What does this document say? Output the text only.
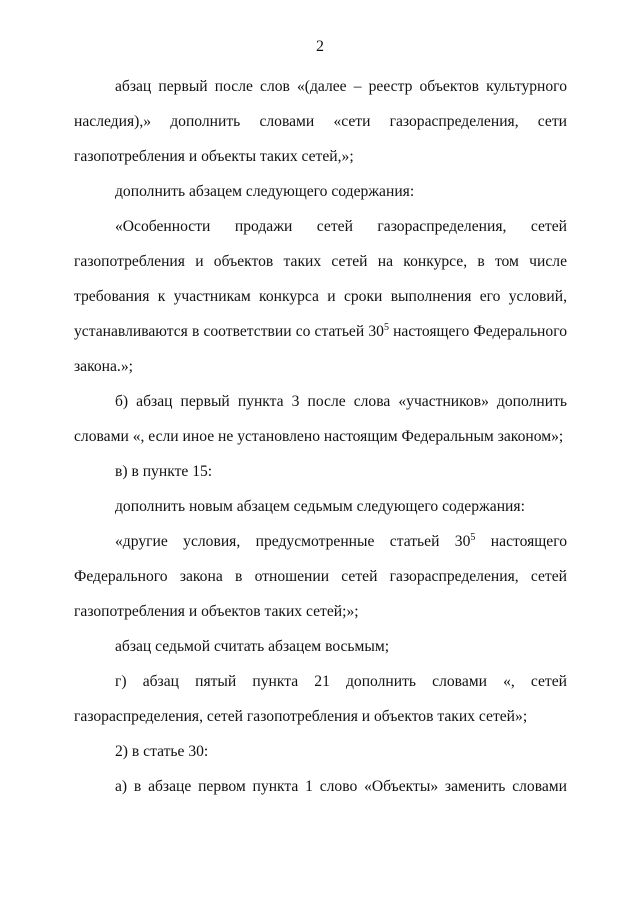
2
абзац первый после слов «(далее – реестр объектов культурного
наследия),» дополнить словами «сети газораспределения, сети
газопотребления и объекты таких сетей,»;
дополнить абзацем следующего содержания:
«Особенности продажи сетей газораспределения, сетей
газопотребления и объектов таких сетей на конкурсе, в том числе
требования к участникам конкурса и сроки выполнения его условий,
устанавливаются в соответствии со статьей $30^5$ настоящего Федерального
закона.»;
б) абзац первый пункта 3 после слова «участников» дополнить
словами «, если иное не установлено настоящим Федеральным законом»;
в) в пункте 15:
дополнить новым абзацем седьмым следующего содержания:
«другие условия, предусмотренные статьей $30^5$ настоящего
Федерального закона в отношении сетей газораспределения, сетей
газопотребления и объектов таких сетей;»;
абзац седьмой считать абзацем восьмым;
г) абзац пятый пункта 21 дополнить словами «, сетей
газораспределения, сетей газопотребления и объектов таких сетей»;
2) в статье 30:
а) в абзаце первом пункта 1 слово «Объекты» заменить словами
